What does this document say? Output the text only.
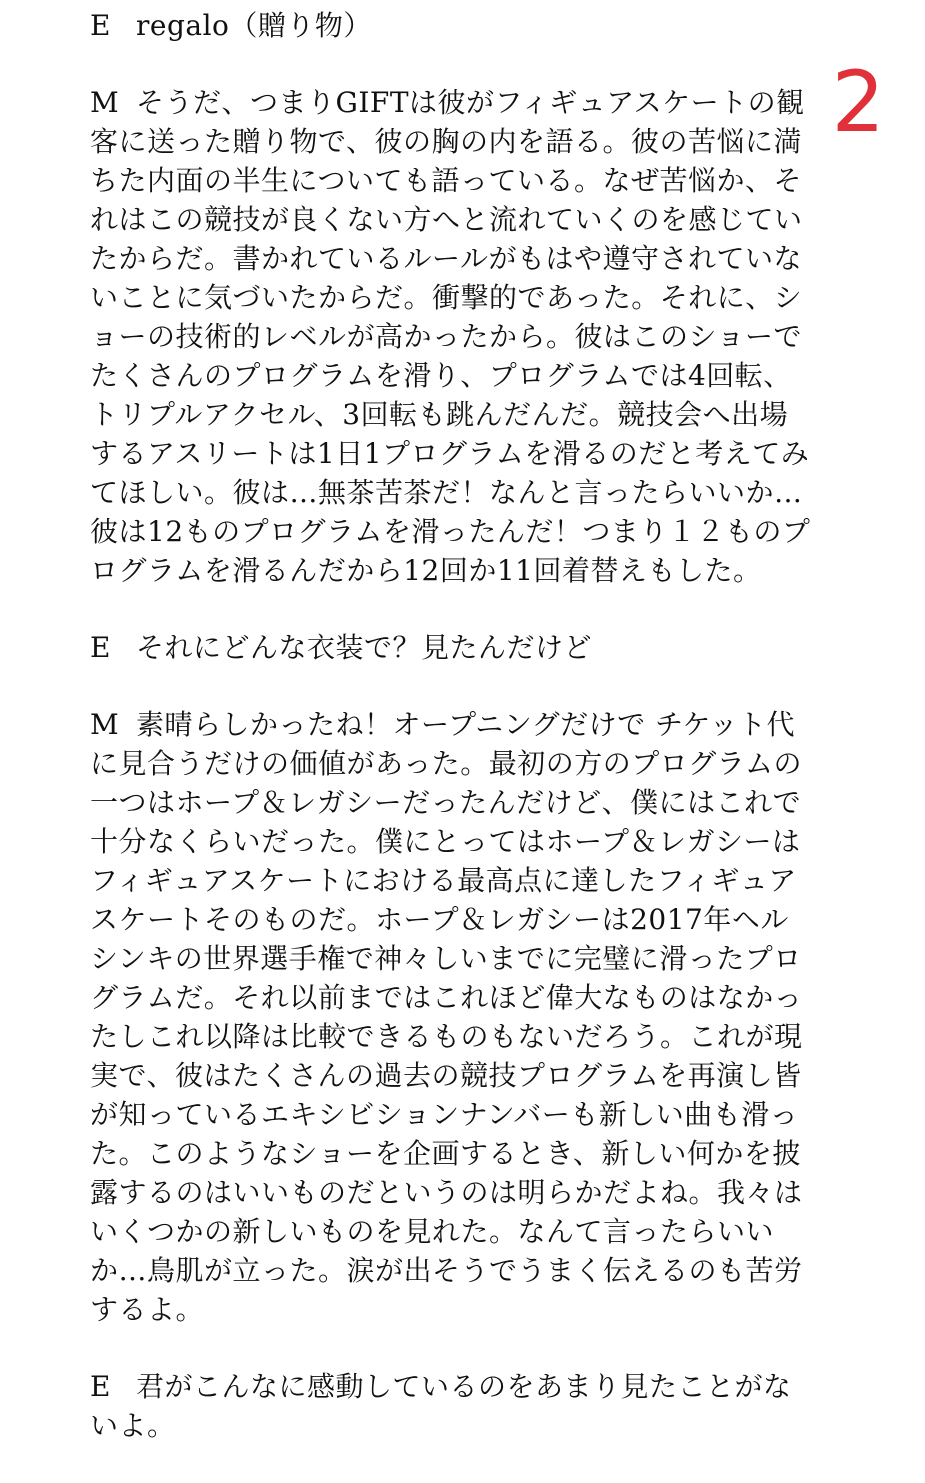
2

E regalo（贈り物）

M そうだ、つまりGIFTは彼がフィギュアスケートの観客に送った贈り物で、彼の胸の内を語る。彼の苦悩に満ちた内面の半生についても語っている。なぜ苦悩か、それはこの競技が良くない方へと流れていくのを感じていたからだ。書かれているルールがもはや遵守されていないことに気づいたからだ。衝撃的であった。それに、ショーの技術的レベルが高かったから。彼はこのショーでたくさんのプログラムを滑り、プログラムでは4回転、トリプルアクセル、3回転も跳んだんだ。競技会へ出場するアスリートは1日1プログラムを滑るのだと考えてみてほしい。彼は…無茶苦茶だ！なんと言ったらいいか…彼は12ものプログラムを滑ったんだ！つまり１２ものプログラムを滑るんだから12回か11回着替えもした。

E それにどんな衣装で？見たんだけど

M 素晴らしかったね！オープニングだけで チケット代に見合うだけの価値があった。最初の方のプログラムの一つはホープ＆レガシーだったんだけど、僕にはこれで十分なくらいだった。僕にとってはホープ＆レガシーはフィギュアスケートにおける最高点に達したフィギュアスケートそのものだ。ホープ＆レガシーは2017年ヘルシンキの世界選手権で神々しいまでに完璧に滑ったプログラムだ。それ以前まではこれほど偉大なものはなかったしこれ以降は比較できるものもないだろう。これが現実で、彼はたくさんの過去の競技プログラムを再演し皆が知っているエキシビションナンバーも新しい曲も滑った。このようなショーを企画するとき、新しい何かを披露するのはいいものだというのは明らかだよね。我々はいくつかの新しいものを見れた。なんて言ったらいいか…鳥肌が立った。涙が出そうでうまく伝えるのも苦労するよ。

E 君がこんなに感動しているのをあまり見たことがないよ。
